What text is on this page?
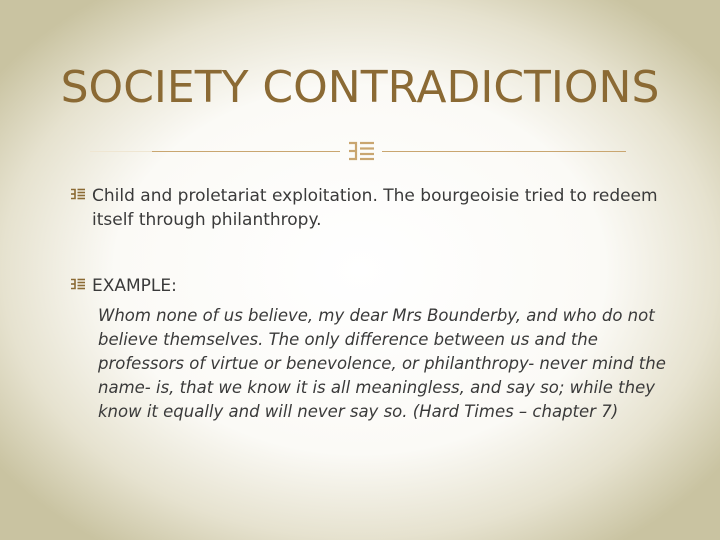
SOCIETY CONTRADICTIONS
Child and proletariat exploitation. The bourgeoisie tried to redeem itself through philanthropy.
EXAMPLE:
Whom none of us believe, my dear Mrs Bounderby, and who do not believe themselves. The only difference between us and the professors of virtue or benevolence, or philanthropy- never mind the name- is, that we know it is all meaningless, and say so; while they know it equally and will never say so. (Hard Times – chapter 7)
